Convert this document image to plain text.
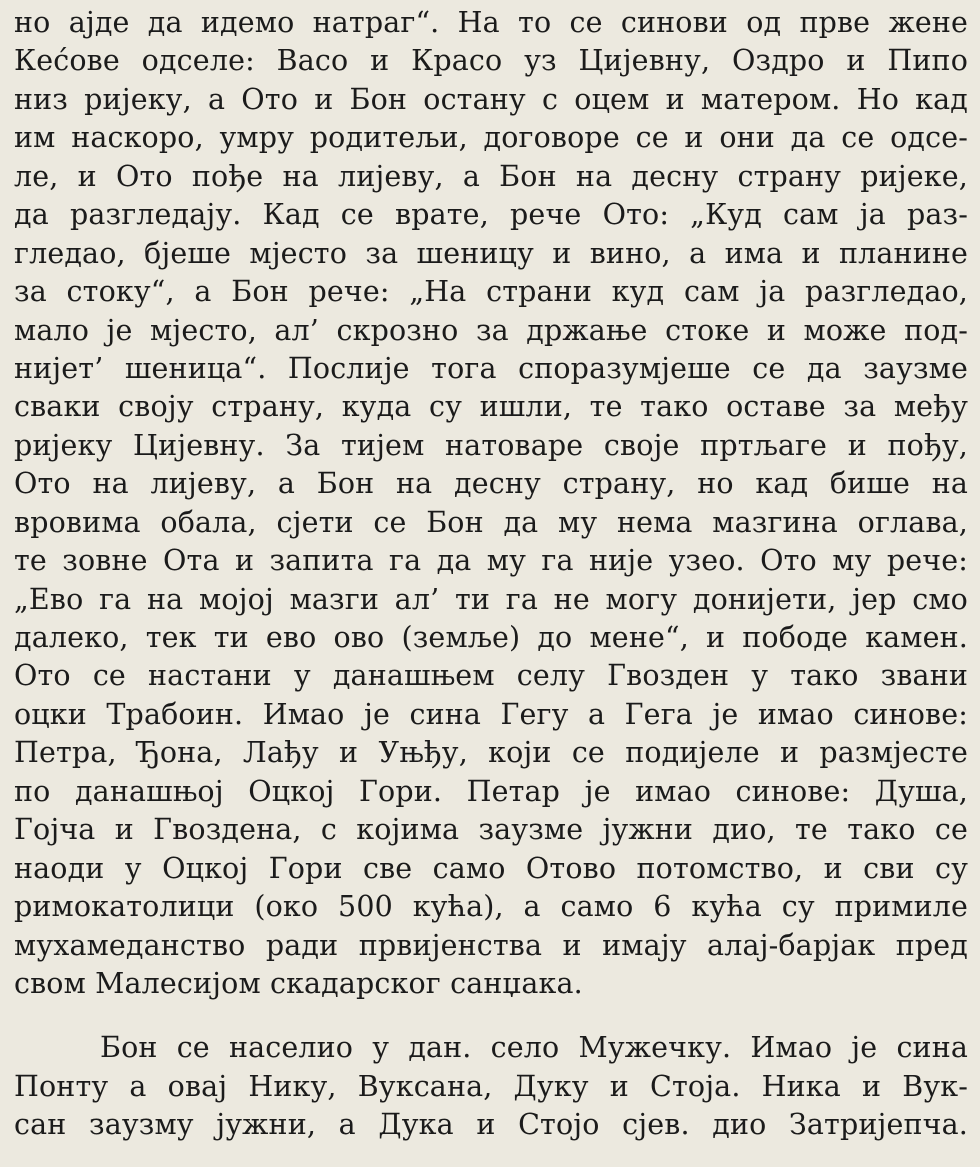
но ајде да идемо натраг“. На то се синови од прве жене
Кеćове одселе: Васо и Красо уз Цијевну, Оздро и Пипо
низ ријеку, а Ото и Бон остану с оцем и матером. Но кад
им наскоро, умру родитељи, договоре се и они да се одсе-
ле, и Ото пође на лијеву, а Бон на десну страну ријеке,
да разгледају. Кад се врате, рече Ото: „Куд сам ја раз-
гледао, бјеше мјесто за шеницу и вино, а има и планине
за стоку“, а Бон рече: „На страни куд сам ја разгледао,
мало је мјесто, ал’ скрозно за држање стоке и може под-
нијет’ шеница“. Послије тога споразумјеше се да заузме
сваки своју страну, куда су ишли, те тако оставе за међу
ријеку Цијевну. За тијем натоваре своје пртљаге и пођу,
Ото на лијеву, а Бон на десну страну, но кад бише на
вровима обала, сјети се Бон да му нема мазгина оглава,
те зовне Ота и запита га да му га није узео. Ото му рече:
„Ево га на мојој мазги ал’ ти га не могу донијети, јер смо
далеко, тек ти ево ово (земље) до мене“, и пободе камен.
Ото се настани у данашњем селу Гвозден у тако звани
оцки Трабоин. Имао је сина Гегу а Гега је имао синове:
Петра, Ђона, Лађу и Уњђу, који се подијеле и размјесте
по данашњој Оцкој Гори. Петар је имао синове: Душа,
Гојча и Гвоздена, с којима заузме јужни дио, те тако се
наоди у Оцкој Гори све само Отово потомство, и сви су
римокатолици (око 500 кућа), а само 6 кућа су примиле
мухамеданство ради првијенства и имају алај-барјак пред
свом Малесијом скадарског санџака.
Бон се населио у дан. село Мужечку. Имао је сина
Понту а овај Нику, Вуксана, Дуку и Стоја. Ника и Вук-
сан заузму јужни, а Дука и Стојо сјев. дио Затријепча.
